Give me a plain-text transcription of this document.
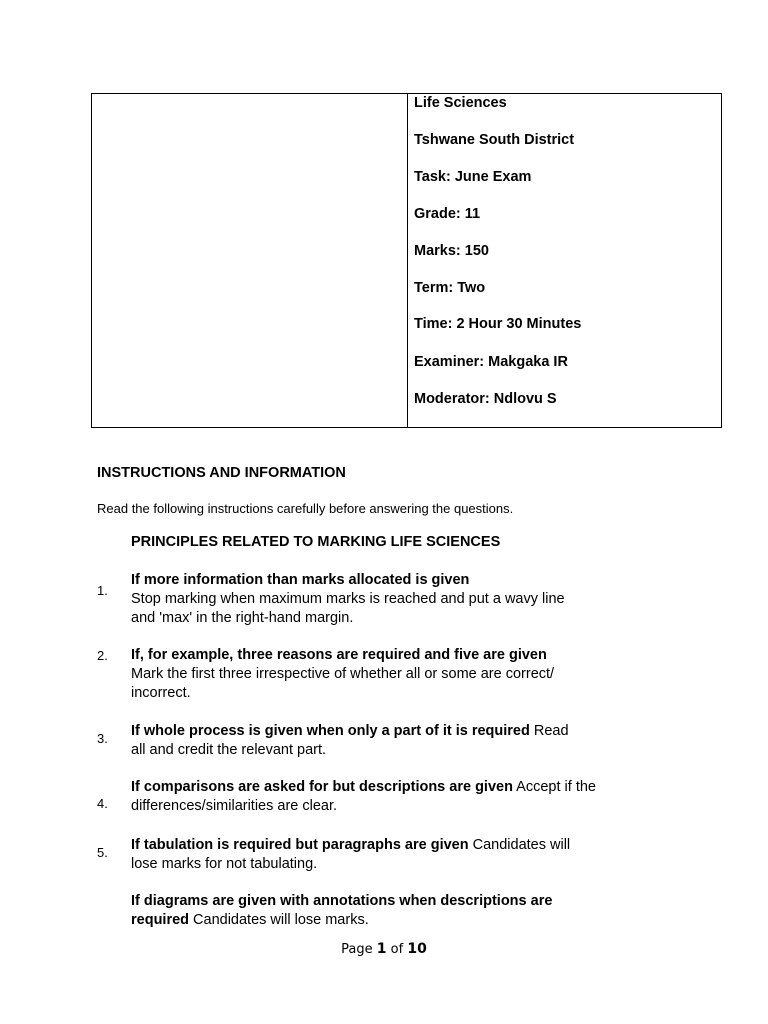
Life Sciences
Tshwane South District
Task: June Exam
Grade: 11
Marks: 150
Term: Two
Time: 2 Hour 30 Minutes
Examiner: Makgaka IR
Moderator: Ndlovu S
INSTRUCTIONS AND INFORMATION
Read the following instructions carefully before answering the questions.
PRINCIPLES RELATED TO MARKING LIFE SCIENCES
1.
If more information than marks allocated is given
Stop marking when maximum marks is reached and put a wavy line
and 'max' in the right-hand margin.
2. If, for example, three reasons are required and five are given
Mark the first three irrespective of whether all or some are correct/
incorrect.
3. If whole process is given when only a part of it is required Read
all and credit the relevant part.
4.
If comparisons are asked for but descriptions are given Accept if the
differences/similarities are clear.
5. If tabulation is required but paragraphs are given Candidates will
lose marks for not tabulating.
If diagrams are given with annotations when descriptions are
required Candidates will lose marks.
Page 1 of 10
